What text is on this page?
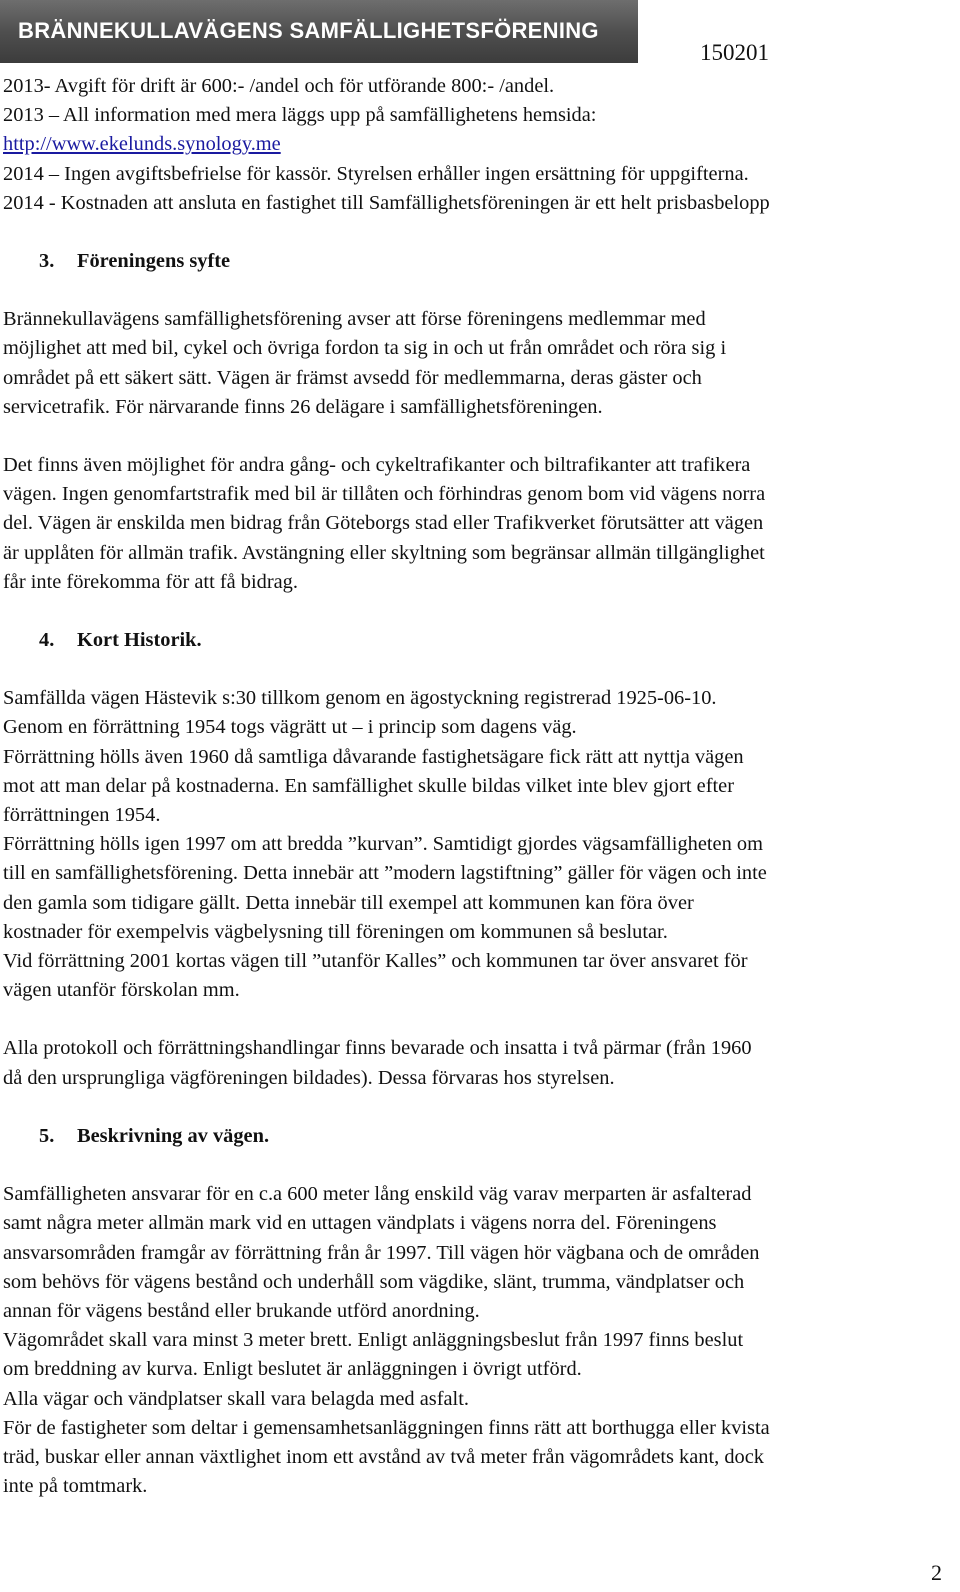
BRÄNNEKULLAVÄGENS SAMFÄLLIGHETSFÖRENING
150201
2013- Avgift för drift är 600:- /andel och för utförande 800:- /andel.
2013 – All information med mera läggs upp på samfällighetens hemsida:
http://www.ekelunds.synology.me
2014 – Ingen avgiftsbefrielse för kassör. Styrelsen erhåller ingen ersättning för uppgifterna.
2014 - Kostnaden att ansluta en fastighet till Samfällighetsföreningen är ett helt prisbasbelopp
3. Föreningens syfte
Brännekullavägens samfällighetsförening avser att förse föreningens medlemmar med
möjlighet att med bil, cykel och övriga fordon ta sig in och ut från området och röra sig i
området på ett säkert sätt. Vägen är främst avsedd för medlemmarna, deras gäster och
servicetrafik. För närvarande finns 26 delägare i samfällighetsföreningen.
Det finns även möjlighet för andra gång- och cykeltrafikanter och biltrafikanter att trafikera
vägen. Ingen genomfartstrafik med bil är tillåten och förhindras genom bom vid vägens norra
del. Vägen är enskilda men bidrag från Göteborgs stad eller Trafikverket förutsätter att vägen
är upplåten för allmän trafik. Avstängning eller skyltning som begränsar allmän tillgänglighet
får inte förekomma för att få bidrag.
4. Kort Historik.
Samfällda vägen Hästevik s:30 tillkom genom en ägostyckning registrerad 1925-06-10.
Genom en förrättning 1954 togs vägrätt ut – i princip som dagens väg.
Förrättning hölls även 1960 då samtliga dåvarande fastighetsägare fick rätt att nyttja vägen
mot att man delar på kostnaderna. En samfällighet skulle bildas vilket inte blev gjort efter
förrättningen 1954.
Förrättning hölls igen 1997 om att bredda ”kurvan”. Samtidigt gjordes vägsamfälligheten om
till en samfällighetsförening. Detta innebär att ”modern lagstiftning” gäller för vägen och inte
den gamla som tidigare gällt. Detta innebär till exempel att kommunen kan föra över
kostnader för exempelvis vägbelysning till föreningen om kommunen så beslutar.
Vid förrättning 2001 kortas vägen till ”utanför Kalles” och kommunen tar över ansvaret för
vägen utanför förskolan mm.
Alla protokoll och förrättningshandlingar finns bevarade och insatta i två pärmar (från 1960
då den ursprungliga vägföreningen bildades). Dessa förvaras hos styrelsen.
5. Beskrivning av vägen.
Samfälligheten ansvarar för en c.a 600 meter lång enskild väg varav merparten är asfalterad
samt några meter allmän mark vid en uttagen vändplats i vägens norra del. Föreningens
ansvarsområden framgår av förrättning från år 1997. Till vägen hör vägbana och de områden
som behövs för vägens bestånd och underhåll som vägdike, slänt, trumma, vändplatser och
annan för vägens bestånd eller brukande utförd anordning.
Vägområdet skall vara minst 3 meter brett. Enligt anläggningsbeslut från 1997 finns beslut
om breddning av kurva. Enligt beslutet är anläggningen i övrigt utförd.
Alla vägar och vändplatser skall vara belagda med asfalt.
För de fastigheter som deltar i gemensamhetsanläggningen finns rätt att borthugga eller kvista
träd, buskar eller annan växtlighet inom ett avstånd av två meter från vägområdets kant, dock
inte på tomtmark.
2
